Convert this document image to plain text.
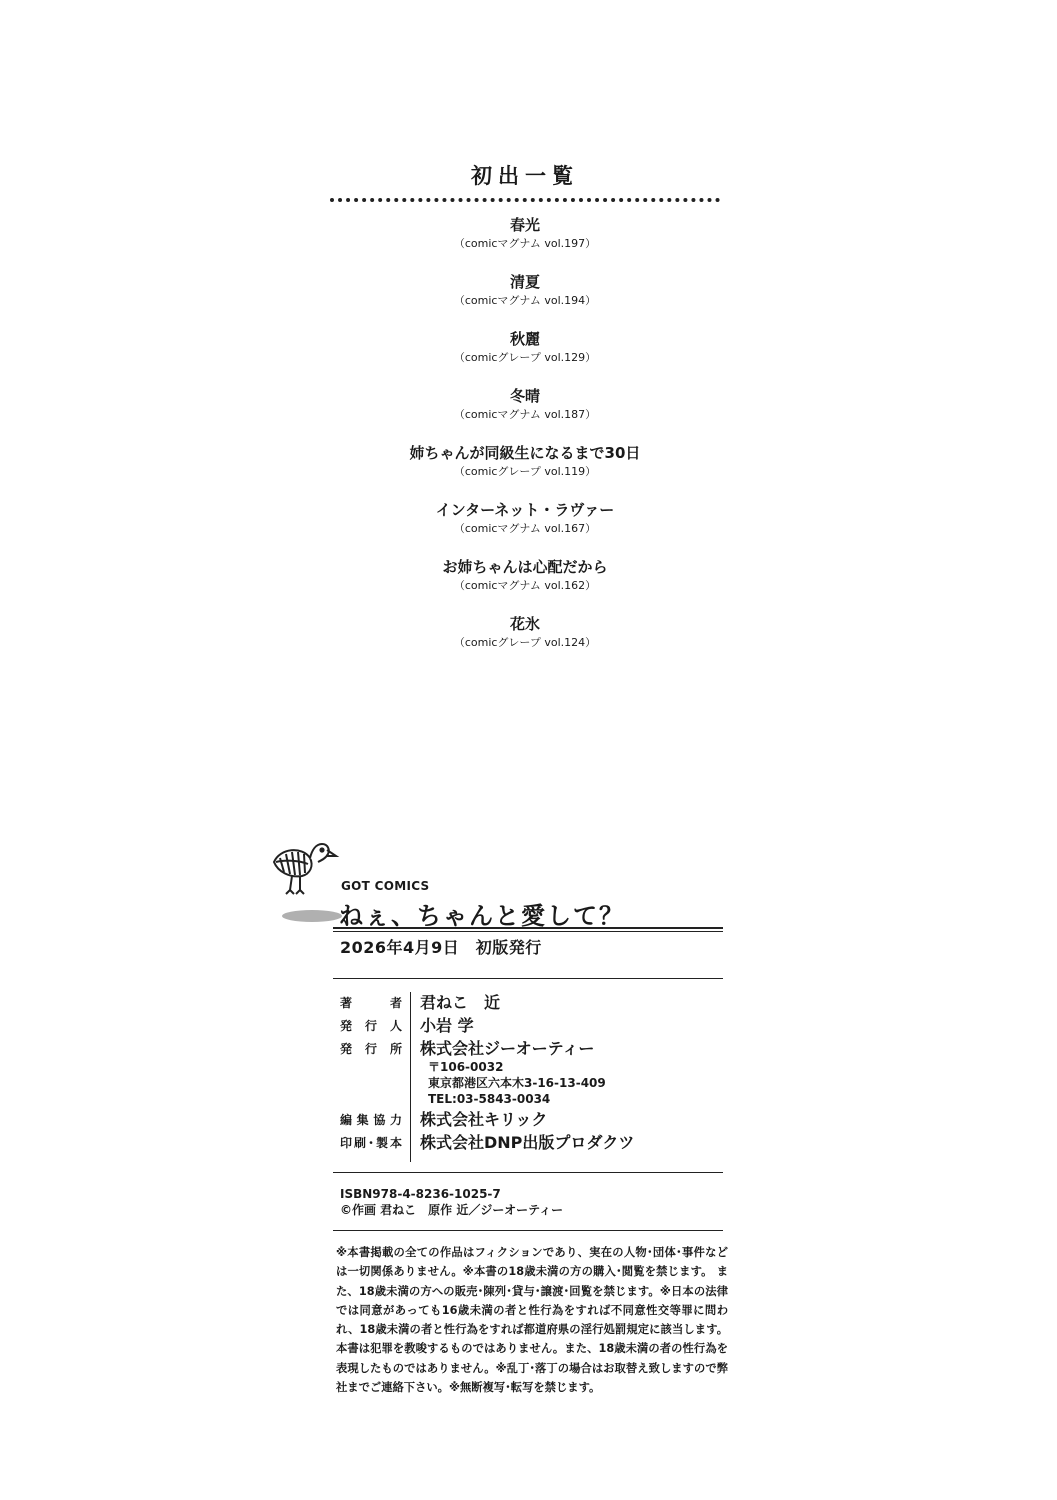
初出一覧
春光
（comicマグナム vol.197）
清夏
（comicマグナム vol.194）
秋麗
（comicグレープ vol.129）
冬晴
（comicマグナム vol.187）
姉ちゃんが同級生になるまで30日
（comicグレープ vol.119）
インターネット・ラヴァー
（comicマグナム vol.167）
お姉ちゃんは心配だから
（comicマグナム vol.162）
花氷
（comicグレープ vol.124）
GOT COMICS
ねぇ、ちゃんと愛して？
2026年4月9日　初版発行
著者 君ねこ　近
発行人 小岩 学
発行所 株式会社ジーオーティー
〒106-0032
東京都港区六本木3-16-13-409
TEL:03-5843-0034
編集協力 株式会社キリック
印刷･製本 株式会社DNP出版プロダクツ
ISBN978-4-8236-1025-7
©作画 君ねこ　原作 近／ジーオーティー
※本書掲載の全ての作品はフィクションであり、実在の人物･団体･事件などは一切関係ありません。※本書の18歳未満の方の購入･閲覧を禁じます。 また、18歳未満の方への販売･陳列･貸与･譲渡･回覧を禁じます。※日本の法律では同意があっても16歳未満の者と性行為をすれば不同意性交等罪に問われ、18歳未満の者と性行為をすれば都道府県の淫行処罰規定に該当します。本書は犯罪を教唆するものではありません。また、18歳未満の者の性行為を表現したものではありません。※乱丁･落丁の場合はお取替え致しますので弊社までご連絡下さい。※無断複写･転写を禁じます。
